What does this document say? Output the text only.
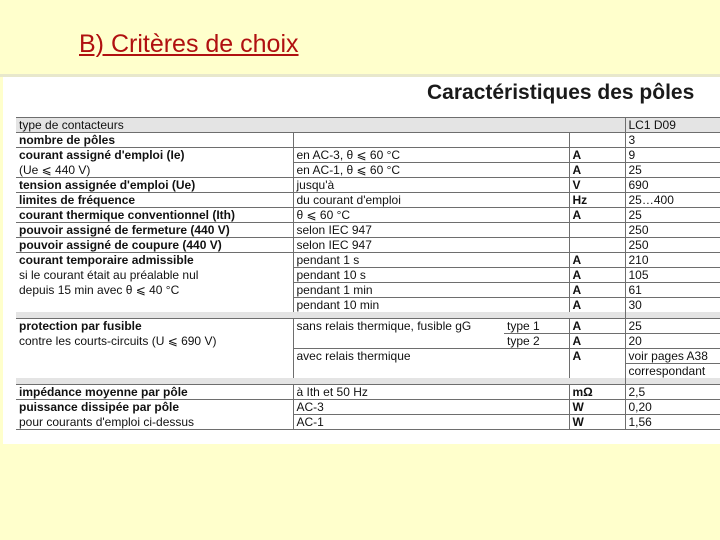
B) Critères de choix
Caractéristiques des pôles
type de contacteurs				LC1 D09
nombre de pôles				3
courant assigné d'emploi (Ie)	en AC-3, θ ⩽ 60 °C		A	9
(Ue ⩽ 440 V)	en AC-1, θ ⩽ 60 °C		A	25
tension assignée d'emploi (Ue)	jusqu'à		V	690
limites de fréquence	du courant d'emploi		Hz	25…400
courant thermique conventionnel (Ith)	θ ⩽ 60 °C		A	25
pouvoir assigné de fermeture (440 V)	selon IEC 947			250
pouvoir assigné de coupure (440 V)	selon IEC 947			250
courant temporaire admissible	pendant 1 s		A	210
si le courant était au préalable nul	pendant 10 s		A	105
depuis 15 min avec θ ⩽ 40 °C	pendant 1 min		A	61
	pendant 10 min		A	30

protection par fusible	sans relais thermique, fusible gG	type 1	A	25
contre les courts-circuits (U ⩽ 690 V)		type 2	A	20
	avec relais thermique		A	voir pages A38
				correspondant

impédance moyenne par pôle	à Ith et 50 Hz		mΩ	2,5
puissance dissipée par pôle	AC-3		W	0,20
pour courants d'emploi ci-dessus	AC-1		W	1,56
